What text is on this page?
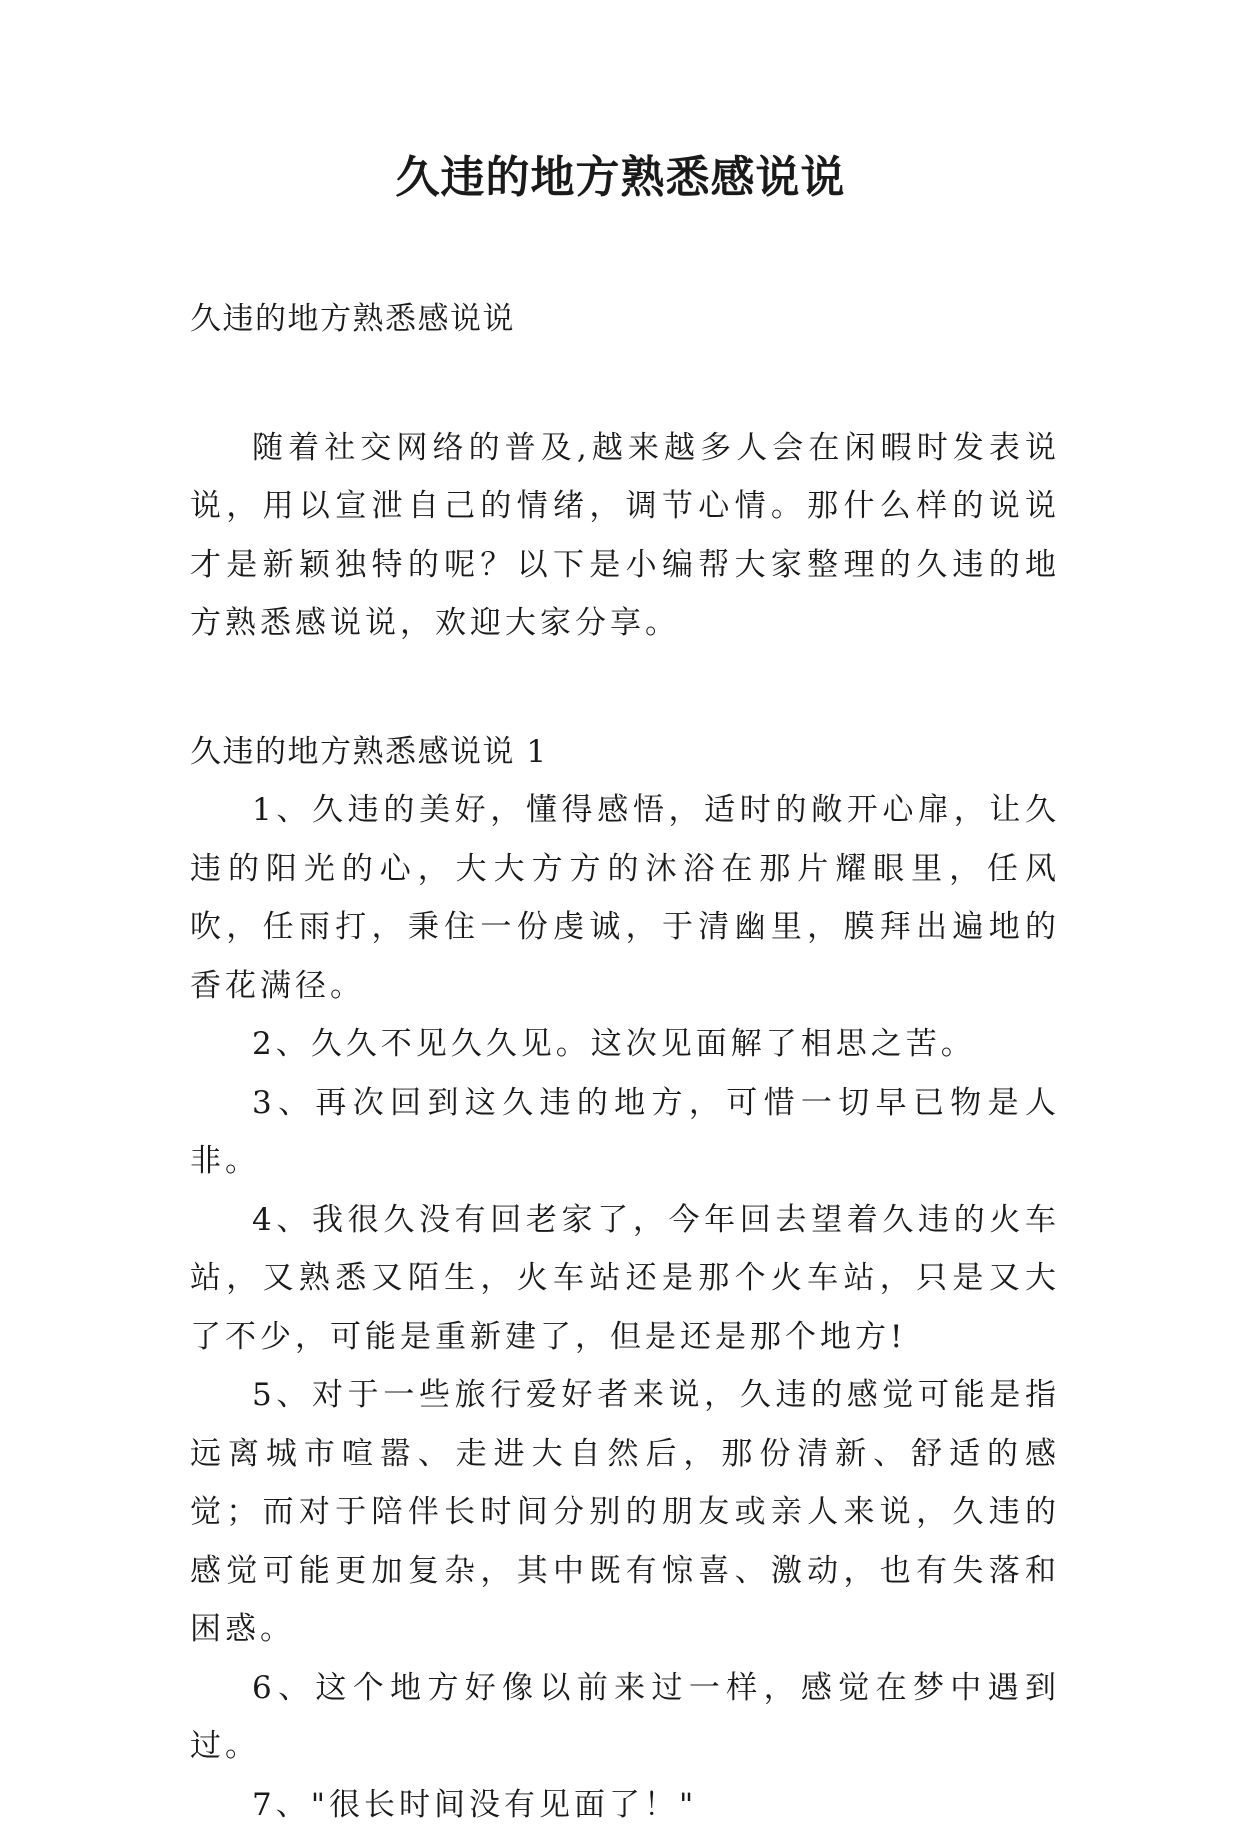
久违的地方熟悉感说说

久违的地方熟悉感说说

随着社交网络的普及,越来越多人会在闲暇时发表说说，用以宣泄自己的情绪，调节心情。那什么样的说说才是新颖独特的呢？以下是小编帮大家整理的久违的地方熟悉感说说，欢迎大家分享。

久违的地方熟悉感说说 1

1、久违的美好，懂得感悟，适时的敞开心扉，让久违的阳光的心，大大方方的沐浴在那片耀眼里，任风吹，任雨打，秉住一份虔诚，于清幽里，膜拜出遍地的香花满径。

2、久久不见久久见。这次见面解了相思之苦。

3、再次回到这久违的地方，可惜一切早已物是人非。

4、我很久没有回老家了，今年回去望着久违的火车站，又熟悉又陌生，火车站还是那个火车站，只是又大了不少，可能是重新建了，但是还是那个地方!

5、对于一些旅行爱好者来说，久违的感觉可能是指远离城市喧嚣、走进大自然后，那份清新、舒适的感觉；而对于陪伴长时间分别的朋友或亲人来说，久违的感觉可能更加复杂，其中既有惊喜、激动，也有失落和困惑。

6、这个地方好像以前来过一样，感觉在梦中遇到过。

7、"很长时间没有见面了！"
